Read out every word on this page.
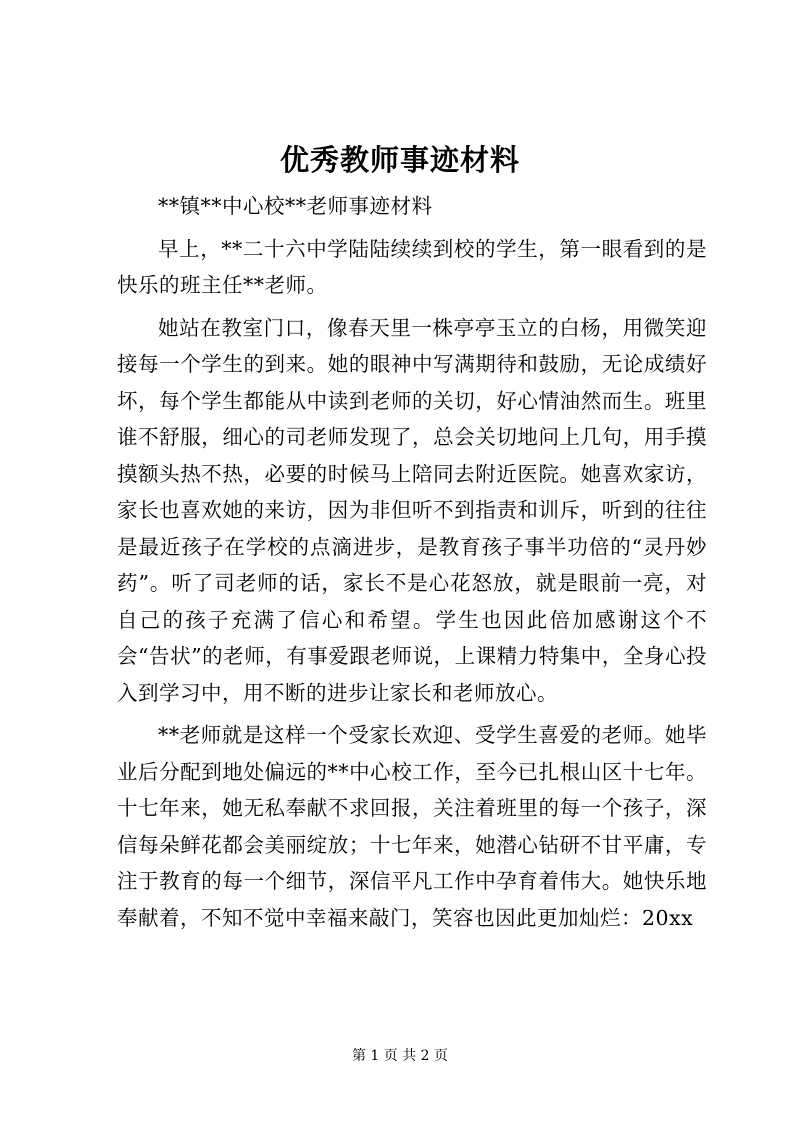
优秀教师事迹材料

**镇**中心校**老师事迹材料

早上，**二十六中学陆陆续续到校的学生，第一眼看到的是快乐的班主任**老师。

她站在教室门口，像春天里一株亭亭玉立的白杨，用微笑迎接每一个学生的到来。她的眼神中写满期待和鼓励，无论成绩好坏，每个学生都能从中读到老师的关切，好心情油然而生。班里谁不舒服，细心的司老师发现了，总会关切地问上几句，用手摸摸额头热不热，必要的时候马上陪同去附近医院。她喜欢家访，家长也喜欢她的来访，因为非但听不到指责和训斥，听到的往往是最近孩子在学校的点滴进步，是教育孩子事半功倍的“灵丹妙药”。听了司老师的话，家长不是心花怒放，就是眼前一亮，对自己的孩子充满了信心和希望。学生也因此倍加感谢这个不会“告状”的老师，有事爱跟老师说，上课精力特集中，全身心投入到学习中，用不断的进步让家长和老师放心。

**老师就是这样一个受家长欢迎、受学生喜爱的老师。她毕业后分配到地处偏远的**中心校工作，至今已扎根山区十七年。十七年来，她无私奉献不求回报，关注着班里的每一个孩子，深信每朵鲜花都会美丽绽放；十七年来，她潜心钻研不甘平庸，专注于教育的每一个细节，深信平凡工作中孕育着伟大。她快乐地奉献着，不知不觉中幸福来敲门，笑容也因此更加灿烂：20xx

第 1 页 共 2 页
